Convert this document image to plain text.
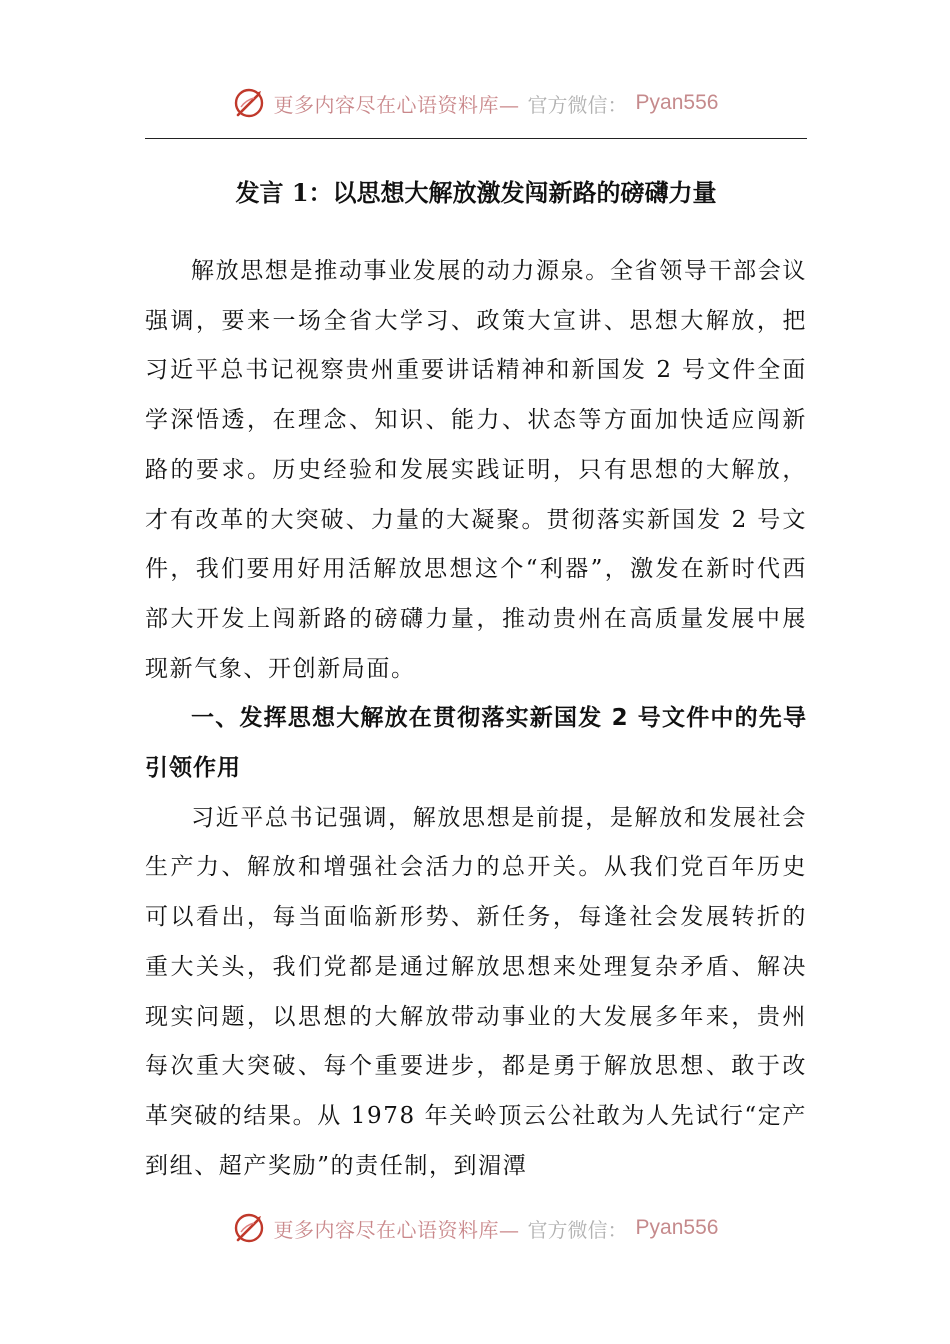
更多内容尽在心语资料库— 官方微信： Pyan556
发言 1：以思想大解放激发闯新路的磅礴力量

解放思想是推动事业发展的动力源泉。全省领导干部会议强调，要来一场全省大学习、政策大宣讲、思想大解放，把习近平总书记视察贵州重要讲话精神和新国发 2 号文件全面学深悟透，在理念、知识、能力、状态等方面加快适应闯新路的要求。历史经验和发展实践证明，只有思想的大解放，才有改革的大突破、力量的大凝聚。贯彻落实新国发 2 号文件，我们要用好用活解放思想这个“利器”，激发在新时代西部大开发上闯新路的磅礴力量，推动贵州在高质量发展中展现新气象、开创新局面。

一、发挥思想大解放在贯彻落实新国发 2 号文件中的先导引领作用

习近平总书记强调，解放思想是前提，是解放和发展社会生产力、解放和增强社会活力的总开关。从我们党百年历史可以看出，每当面临新形势、新任务，每逢社会发展转折的重大关头，我们党都是通过解放思想来处理复杂矛盾、解决现实问题，以思想的大解放带动事业的大发展多年来，贵州每次重大突破、每个重要进步，都是勇于解放思想、敢于改革突破的结果。从 1978 年关岭顶云公社敢为人先试行“定产到组、超产奖励”的责任制，到湄潭

更多内容尽在心语资料库— 官方微信： Pyan556
